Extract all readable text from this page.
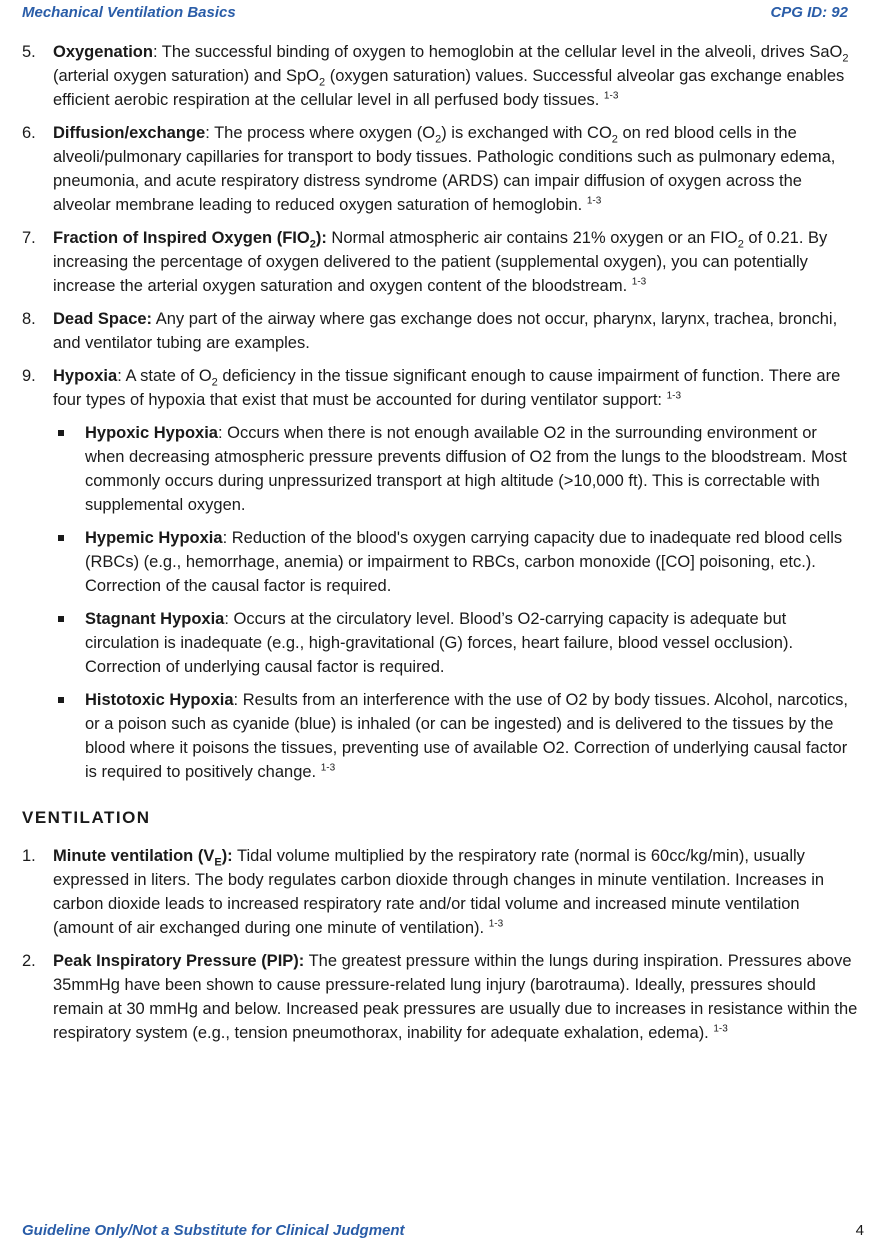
Mechanical Ventilation Basics	CPG ID: 92
5. Oxygenation: The successful binding of oxygen to hemoglobin at the cellular level in the alveoli, drives SaO$_2$ (arterial oxygen saturation) and SpO$_2$ (oxygen saturation) values. Successful alveolar gas exchange enables efficient aerobic respiration at the cellular level in all perfused body tissues. $^{1-3}$
6. Diffusion/exchange: The process where oxygen $(O_2)$ is exchanged with $CO_2$ on red blood cells in the alveoli/pulmonary capillaries for transport to body tissues. Pathologic conditions such as pulmonary edema, pneumonia, and acute respiratory distress syndrome (ARDS) can impair diffusion of oxygen across the alveolar membrane leading to reduced oxygen saturation of hemoglobin. $^{1-3}$
7. Fraction of Inspired Oxygen $(FIO_2)$: Normal atmospheric air contains 21% oxygen or an $FIO_2$ of 0.21. By increasing the percentage of oxygen delivered to the patient (supplemental oxygen), you can potentially increase the arterial oxygen saturation and oxygen content of the bloodstream. $^{1-3}$
8. Dead Space: Any part of the airway where gas exchange does not occur, pharynx, larynx, trachea, bronchi, and ventilator tubing are examples.
9. Hypoxia: A state of $O_2$ deficiency in the tissue significant enough to cause impairment of function. There are four types of hypoxia that exist that must be accounted for during ventilator support: $^{1-3}$
Hypoxic Hypoxia: Occurs when there is not enough available O2 in the surrounding environment or when decreasing atmospheric pressure prevents diffusion of O2 from the lungs to the bloodstream. Most commonly occurs during unpressurized transport at high altitude (>10,000 ft). This is correctable with supplemental oxygen.
Hypemic Hypoxia: Reduction of the blood's oxygen carrying capacity due to inadequate red blood cells (RBCs) (e.g., hemorrhage, anemia) or impairment to RBCs, carbon monoxide ([CO] poisoning, etc.). Correction of the causal factor is required.
Stagnant Hypoxia: Occurs at the circulatory level. Blood’s O2-carrying capacity is adequate but circulation is inadequate (e.g., high-gravitational (G) forces, heart failure, blood vessel occlusion). Correction of underlying causal factor is required.
Histotoxic Hypoxia: Results from an interference with the use of O2 by body tissues. Alcohol, narcotics, or a poison such as cyanide (blue) is inhaled (or can be ingested) and is delivered to the tissues by the blood where it poisons the tissues, preventing use of available O2. Correction of underlying causal factor is required to positively change. $^{1-3}$
VENTILATION
1. Minute ventilation $(V_E)$: Tidal volume multiplied by the respiratory rate (normal is 60cc/kg/min), usually expressed in liters. The body regulates carbon dioxide through changes in minute ventilation. Increases in carbon dioxide leads to increased respiratory rate and/or tidal volume and increased minute ventilation (amount of air exchanged during one minute of ventilation). $^{1-3}$
2. Peak Inspiratory Pressure (PIP): The greatest pressure within the lungs during inspiration. Pressures above 35mmHg have been shown to cause pressure-related lung injury (barotrauma). Ideally, pressures should remain at 30 mmHg and below. Increased peak pressures are usually due to increases in resistance within the respiratory system (e.g., tension pneumothorax, inability for adequate exhalation, edema). $^{1-3}$
Guideline Only/Not a Substitute for Clinical Judgment	4
